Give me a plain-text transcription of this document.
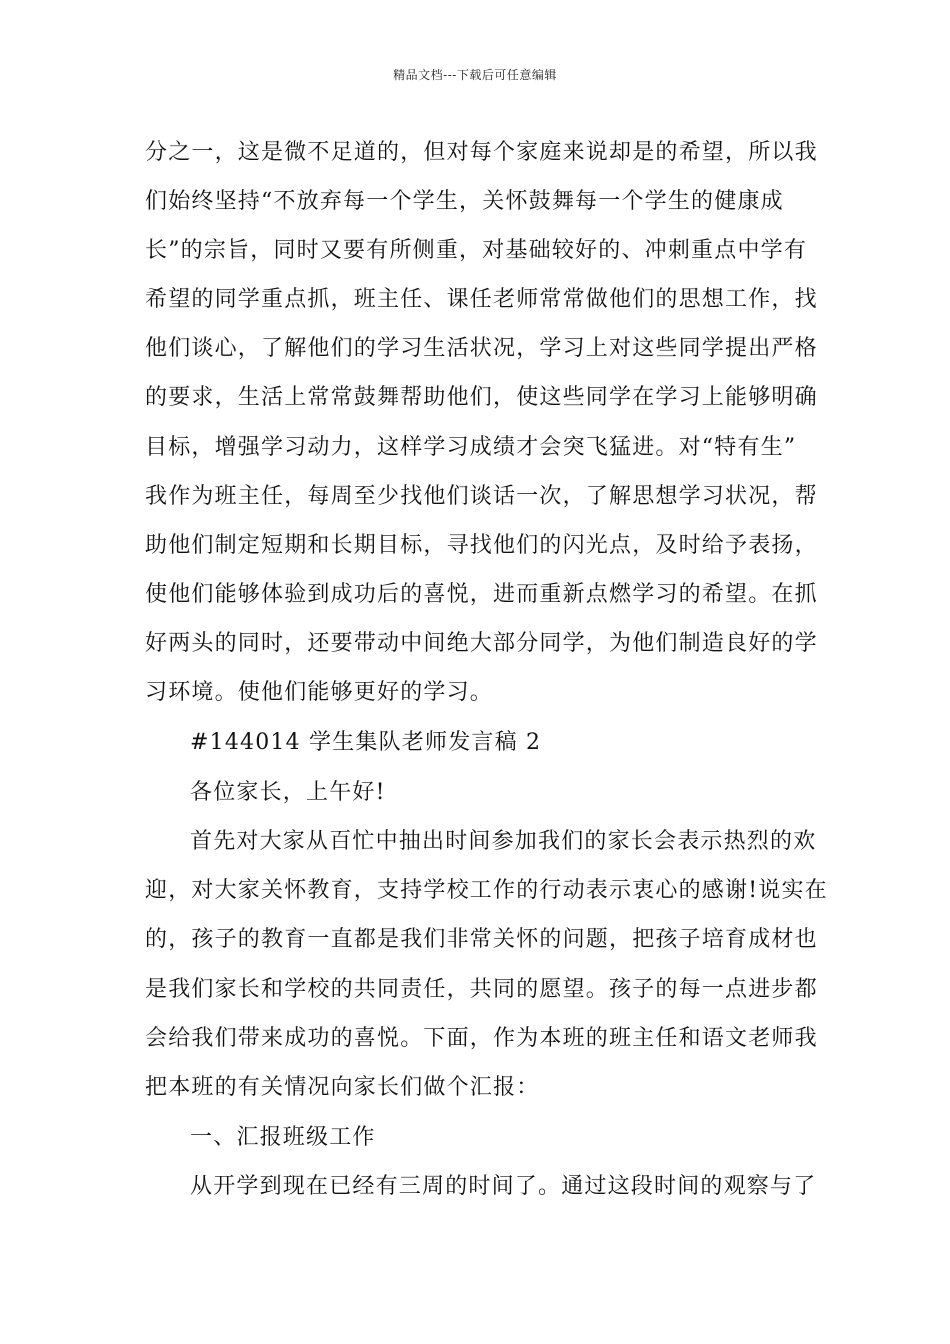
精品文档---下载后可任意编辑
分之一，这是微不足道的，但对每个家庭来说却是的希望，所以我
们始终坚持“不放弃每一个学生，关怀鼓舞每一个学生的健康成
长”的宗旨，同时又要有所侧重，对基础较好的、冲刺重点中学有
希望的同学重点抓，班主任、课任老师常常做他们的思想工作，找
他们谈心，了解他们的学习生活状况，学习上对这些同学提出严格
的要求，生活上常常鼓舞帮助他们，使这些同学在学习上能够明确
目标，增强学习动力，这样学习成绩才会突飞猛进。对“特有生”
我作为班主任，每周至少找他们谈话一次，了解思想学习状况，帮
助他们制定短期和长期目标，寻找他们的闪光点，及时给予表扬，
使他们能够体验到成功后的喜悦，进而重新点燃学习的希望。在抓
好两头的同时，还要带动中间绝大部分同学，为他们制造良好的学
习环境。使他们能够更好的学习。
#144014 学生集队老师发言稿 2
各位家长，上午好!
首先对大家从百忙中抽出时间参加我们的家长会表示热烈的欢
迎，对大家关怀教育，支持学校工作的行动表示衷心的感谢!说实在
的，孩子的教育一直都是我们非常关怀的问题，把孩子培育成材也
是我们家长和学校的共同责任，共同的愿望。孩子的每一点进步都
会给我们带来成功的喜悦。下面，作为本班的班主任和语文老师我
把本班的有关情况向家长们做个汇报：
一、汇报班级工作
从开学到现在已经有三周的时间了。通过这段时间的观察与了
